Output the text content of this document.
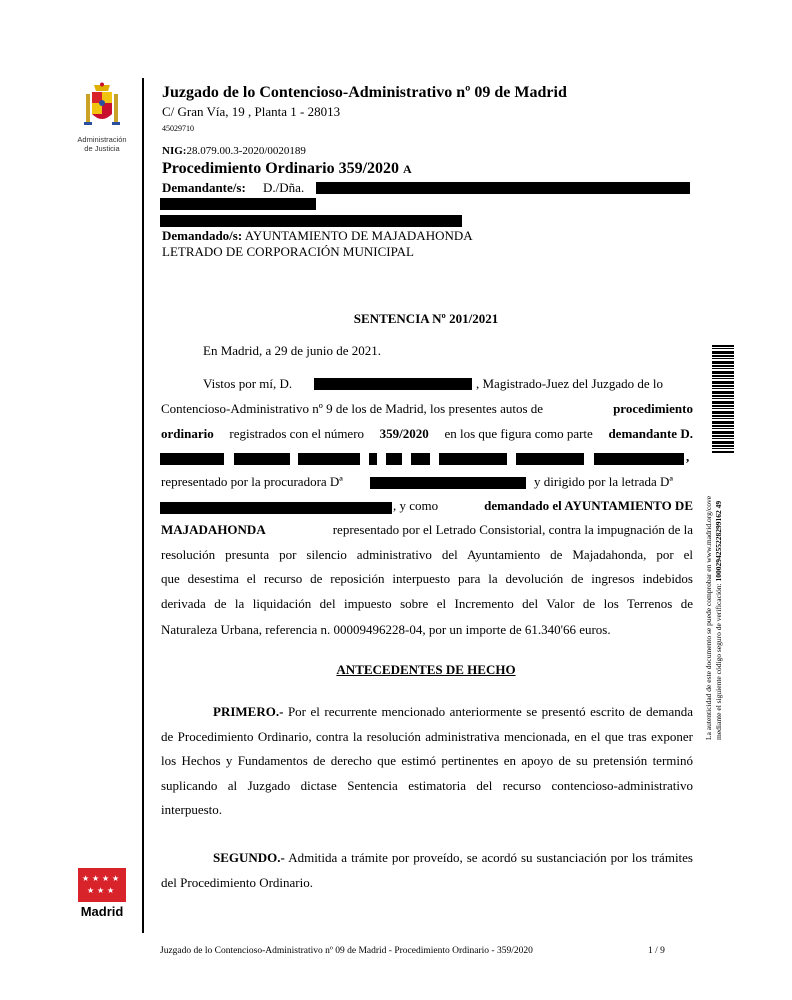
Administración
de Justicia
Juzgado de lo Contencioso-Administrativo nº 09 de Madrid
C/ Gran Vía, 19 , Planta 1 - 28013
45029710
NIG:28.079.00.3-2020/0020189
Procedimiento Ordinario 359/2020 A
Demandante/s: D./Dña.
Demandado/s: AYUNTAMIENTO DE MAJADAHONDA
LETRADO DE CORPORACIÓN MUNICIPAL
SENTENCIA Nº 201/2021
En Madrid, a 29 de junio de 2021.
Vistos por mí, D.	, Magistrado-Juez del Juzgado de lo
Contencioso-Administrativo nº 9 de los de Madrid, los presentes autos de	procedimiento
ordinario registrados con el número 359/2020 en los que figura como parte demandante D.
,
representado por la procuradora Dª	y dirigido por la letrada Dª
, y como	demandado el AYUNTAMIENTO DE
MAJADAHONDA	representado por el Letrado Consistorial, contra la impugnación de la
resolución presunta por silencio administrativo del Ayuntamiento de Majadahonda, por el
que desestima el recurso de reposición interpuesto para la devolución de ingresos indebidos
derivada de la liquidación del impuesto sobre el Incremento del Valor de los Terrenos de
Naturaleza Urbana, referencia n. 00009496228-04, por un importe de 61.340'66 euros.
ANTECEDENTES DE HECHO
PRIMERO.- Por el recurrente mencionado anteriormente se presentó escrito de demanda de Procedimiento Ordinario, contra la resolución administrativa mencionada, en el que tras exponer los Hechos y Fundamentos de derecho que estimó pertinentes en apoyo de su pretensión terminó suplicando al Juzgado dictase Sentencia estimatoria del recurso contencioso-administrativo interpuesto.
SEGUNDO.- Admitida a trámite por proveído, se acordó su sustanciación por los trámites del Procedimiento Ordinario.
★ ★ ★ ★
★ ★ ★
Madrid
La autenticidad de este documento se puede comprobar en www.madrid.org/cove mediante el siguiente código seguro de verificación: 1000294255228299162 49
Juzgado de lo Contencioso-Administrativo nº 09 de Madrid - Procedimiento Ordinario - 359/2020	1 / 9
